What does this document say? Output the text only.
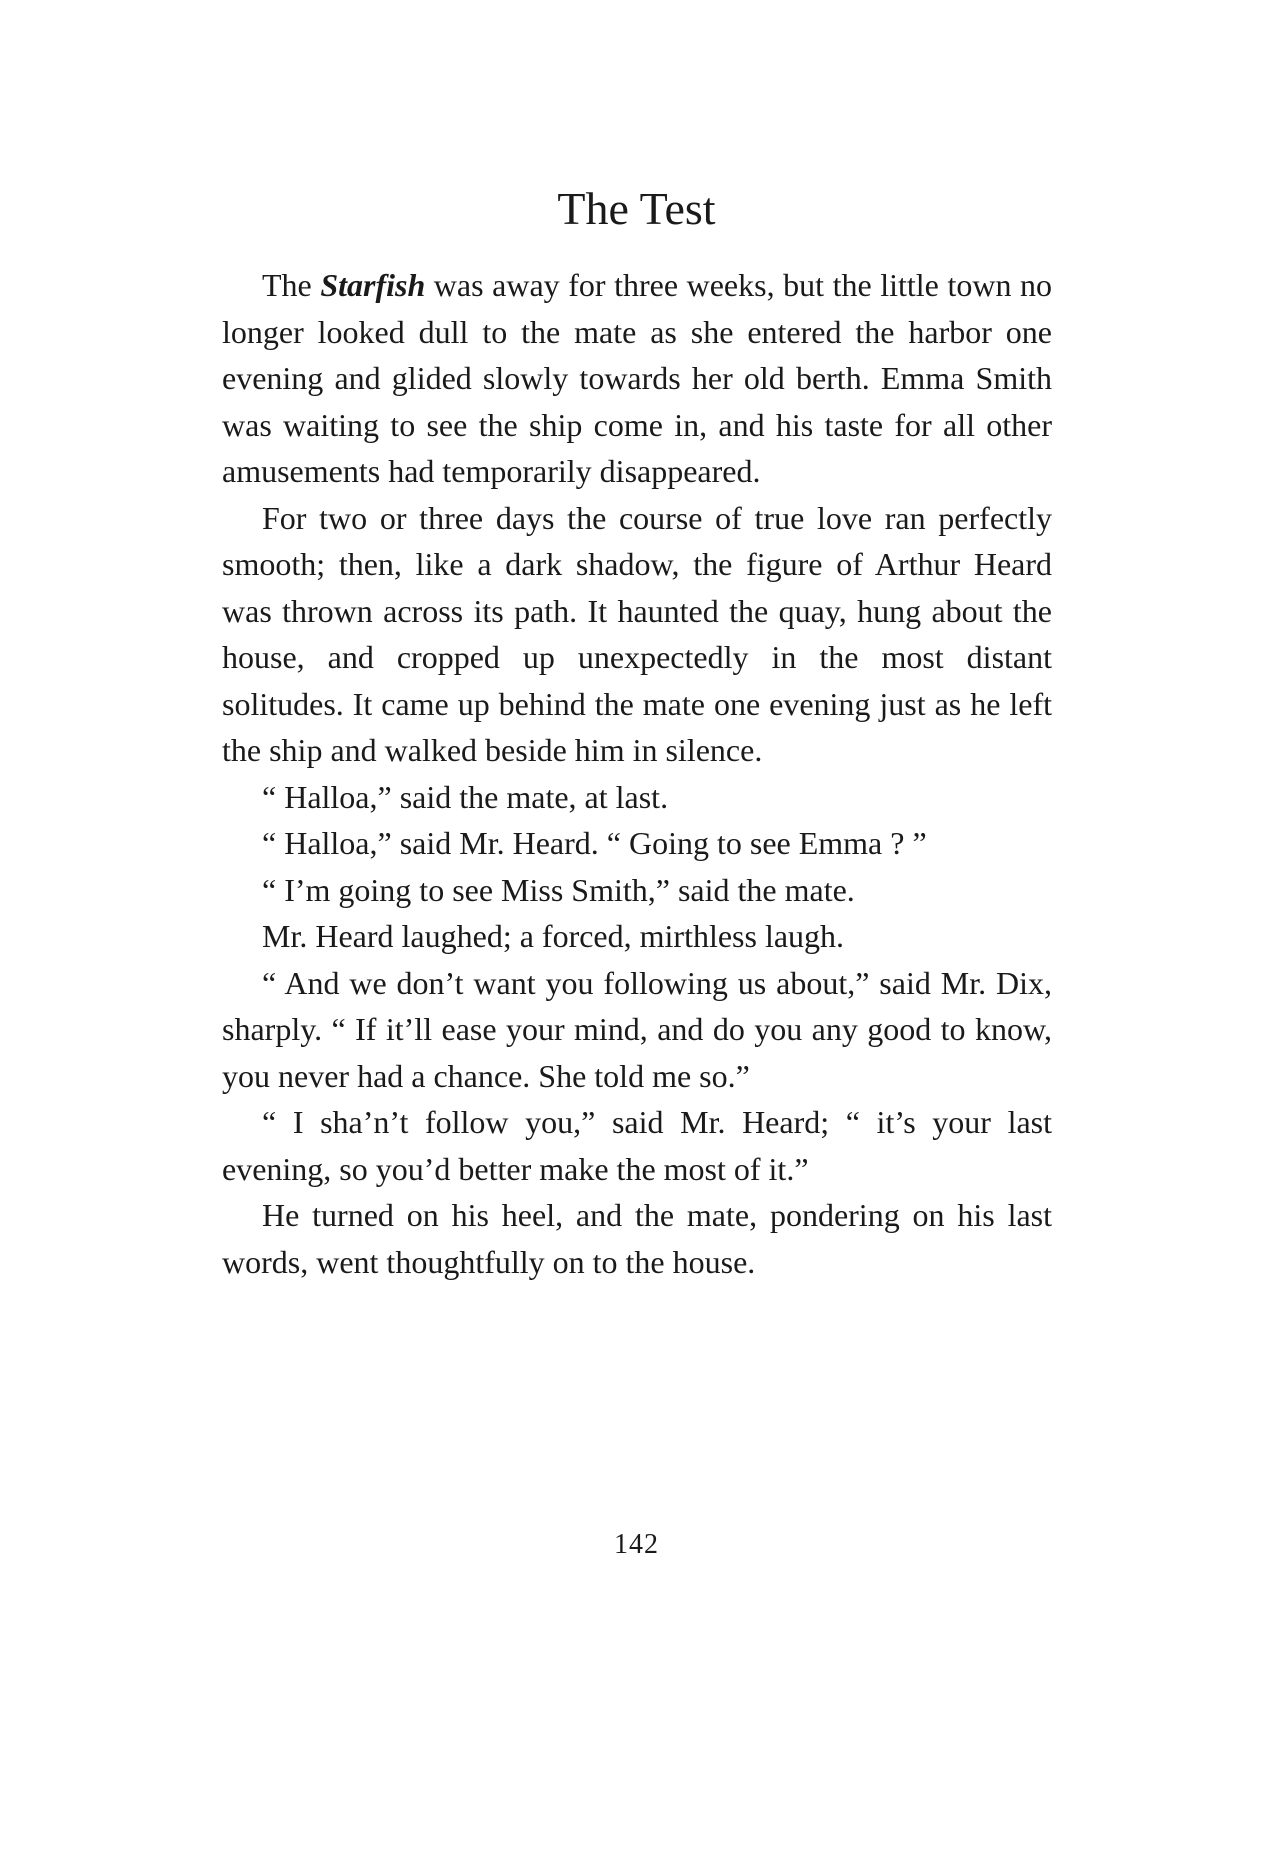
The Test

The Starfish was away for three weeks, but the little town no longer looked dull to the mate as she entered the harbor one evening and glided slowly towards her old berth. Emma Smith was waiting to see the ship come in, and his taste for all other amusements had temporarily disappeared.

For two or three days the course of true love ran perfectly smooth; then, like a dark shadow, the figure of Arthur Heard was thrown across its path. It haunted the quay, hung about the house, and cropped up unexpectedly in the most distant solitudes. It came up behind the mate one evening just as he left the ship and walked beside him in silence.

“ Halloa,” said the mate, at last.

“ Halloa,” said Mr. Heard. “ Going to see Emma ? ”

“ I’m going to see Miss Smith,” said the mate.

Mr. Heard laughed; a forced, mirthless laugh.

“ And we don’t want you following us about,” said Mr. Dix, sharply. “ If it’ll ease your mind, and do you any good to know, you never had a chance. She told me so.”

“ I sha’n’t follow you,” said Mr. Heard; “ it’s your last evening, so you’d better make the most of it.”

He turned on his heel, and the mate, pondering on his last words, went thoughtfully on to the house.

142
